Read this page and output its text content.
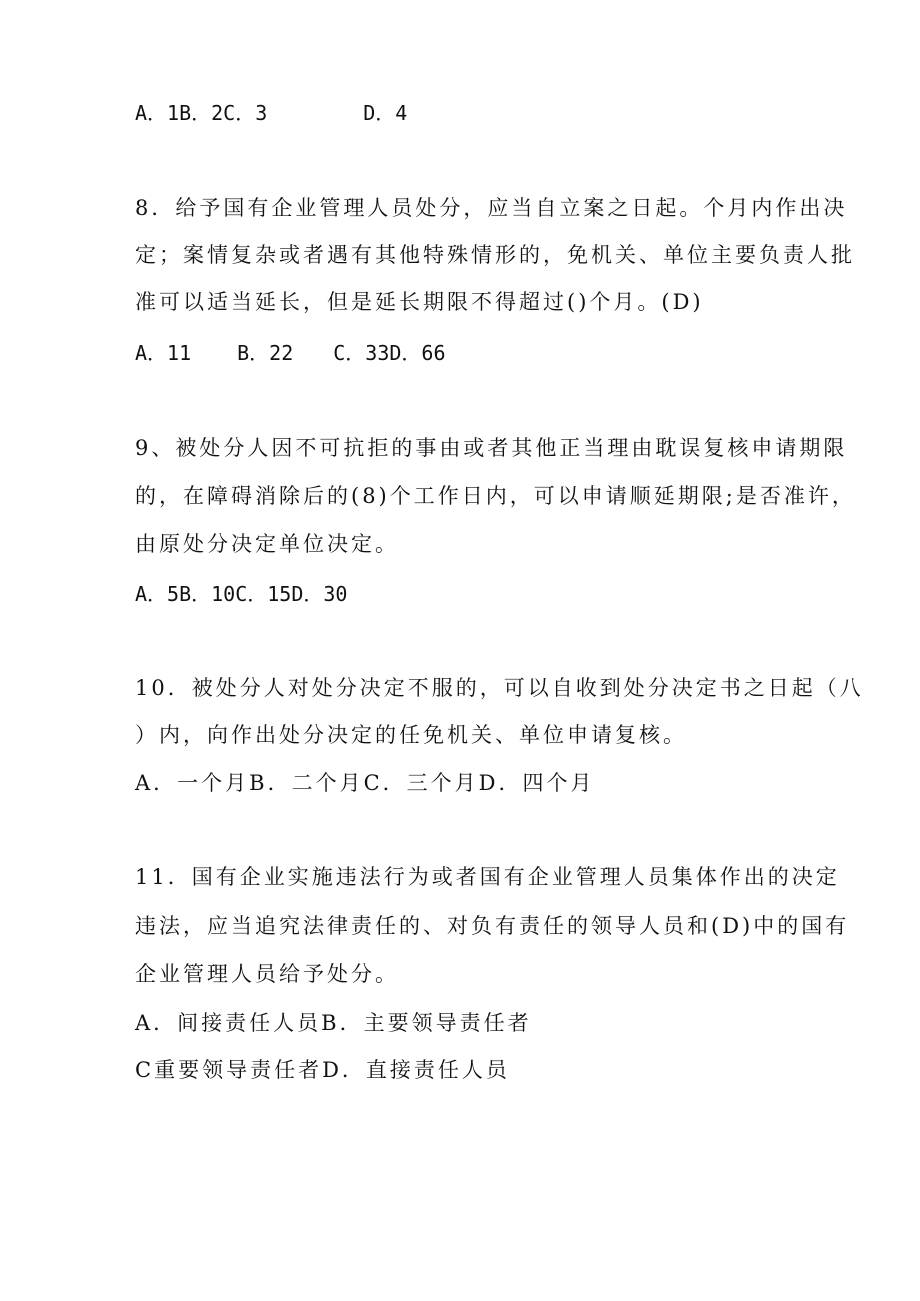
A．1B．2C．3	D．4
8．给予国有企业管理人员处分，应当自立案之日起。个月内作出决
定；案情复杂或者遇有其他特殊情形的，免机关、单位主要负责人批
准可以适当延长，但是延长期限不得超过()个月。(D)
A．11 B．22 C．33D．66
9、被处分人因不可抗拒的事由或者其他正当理由耽误复核申请期限
的，在障碍消除后的(8)个工作日内，可以申请顺延期限;是否准许，
由原处分决定单位决定。
A．5B．10C．15D．30
10．被处分人对处分决定不服的，可以自收到处分决定书之日起（八
）内，向作出处分决定的任免机关、单位申请复核。
A．一个月B．二个月C．三个月D．四个月
11．国有企业实施违法行为或者国有企业管理人员集体作出的决定
违法，应当追究法律责任的、对负有责任的领导人员和(D)中的国有
企业管理人员给予处分。
A．间接责任人员B．主要领导责任者
C重要领导责任者D．直接责任人员
